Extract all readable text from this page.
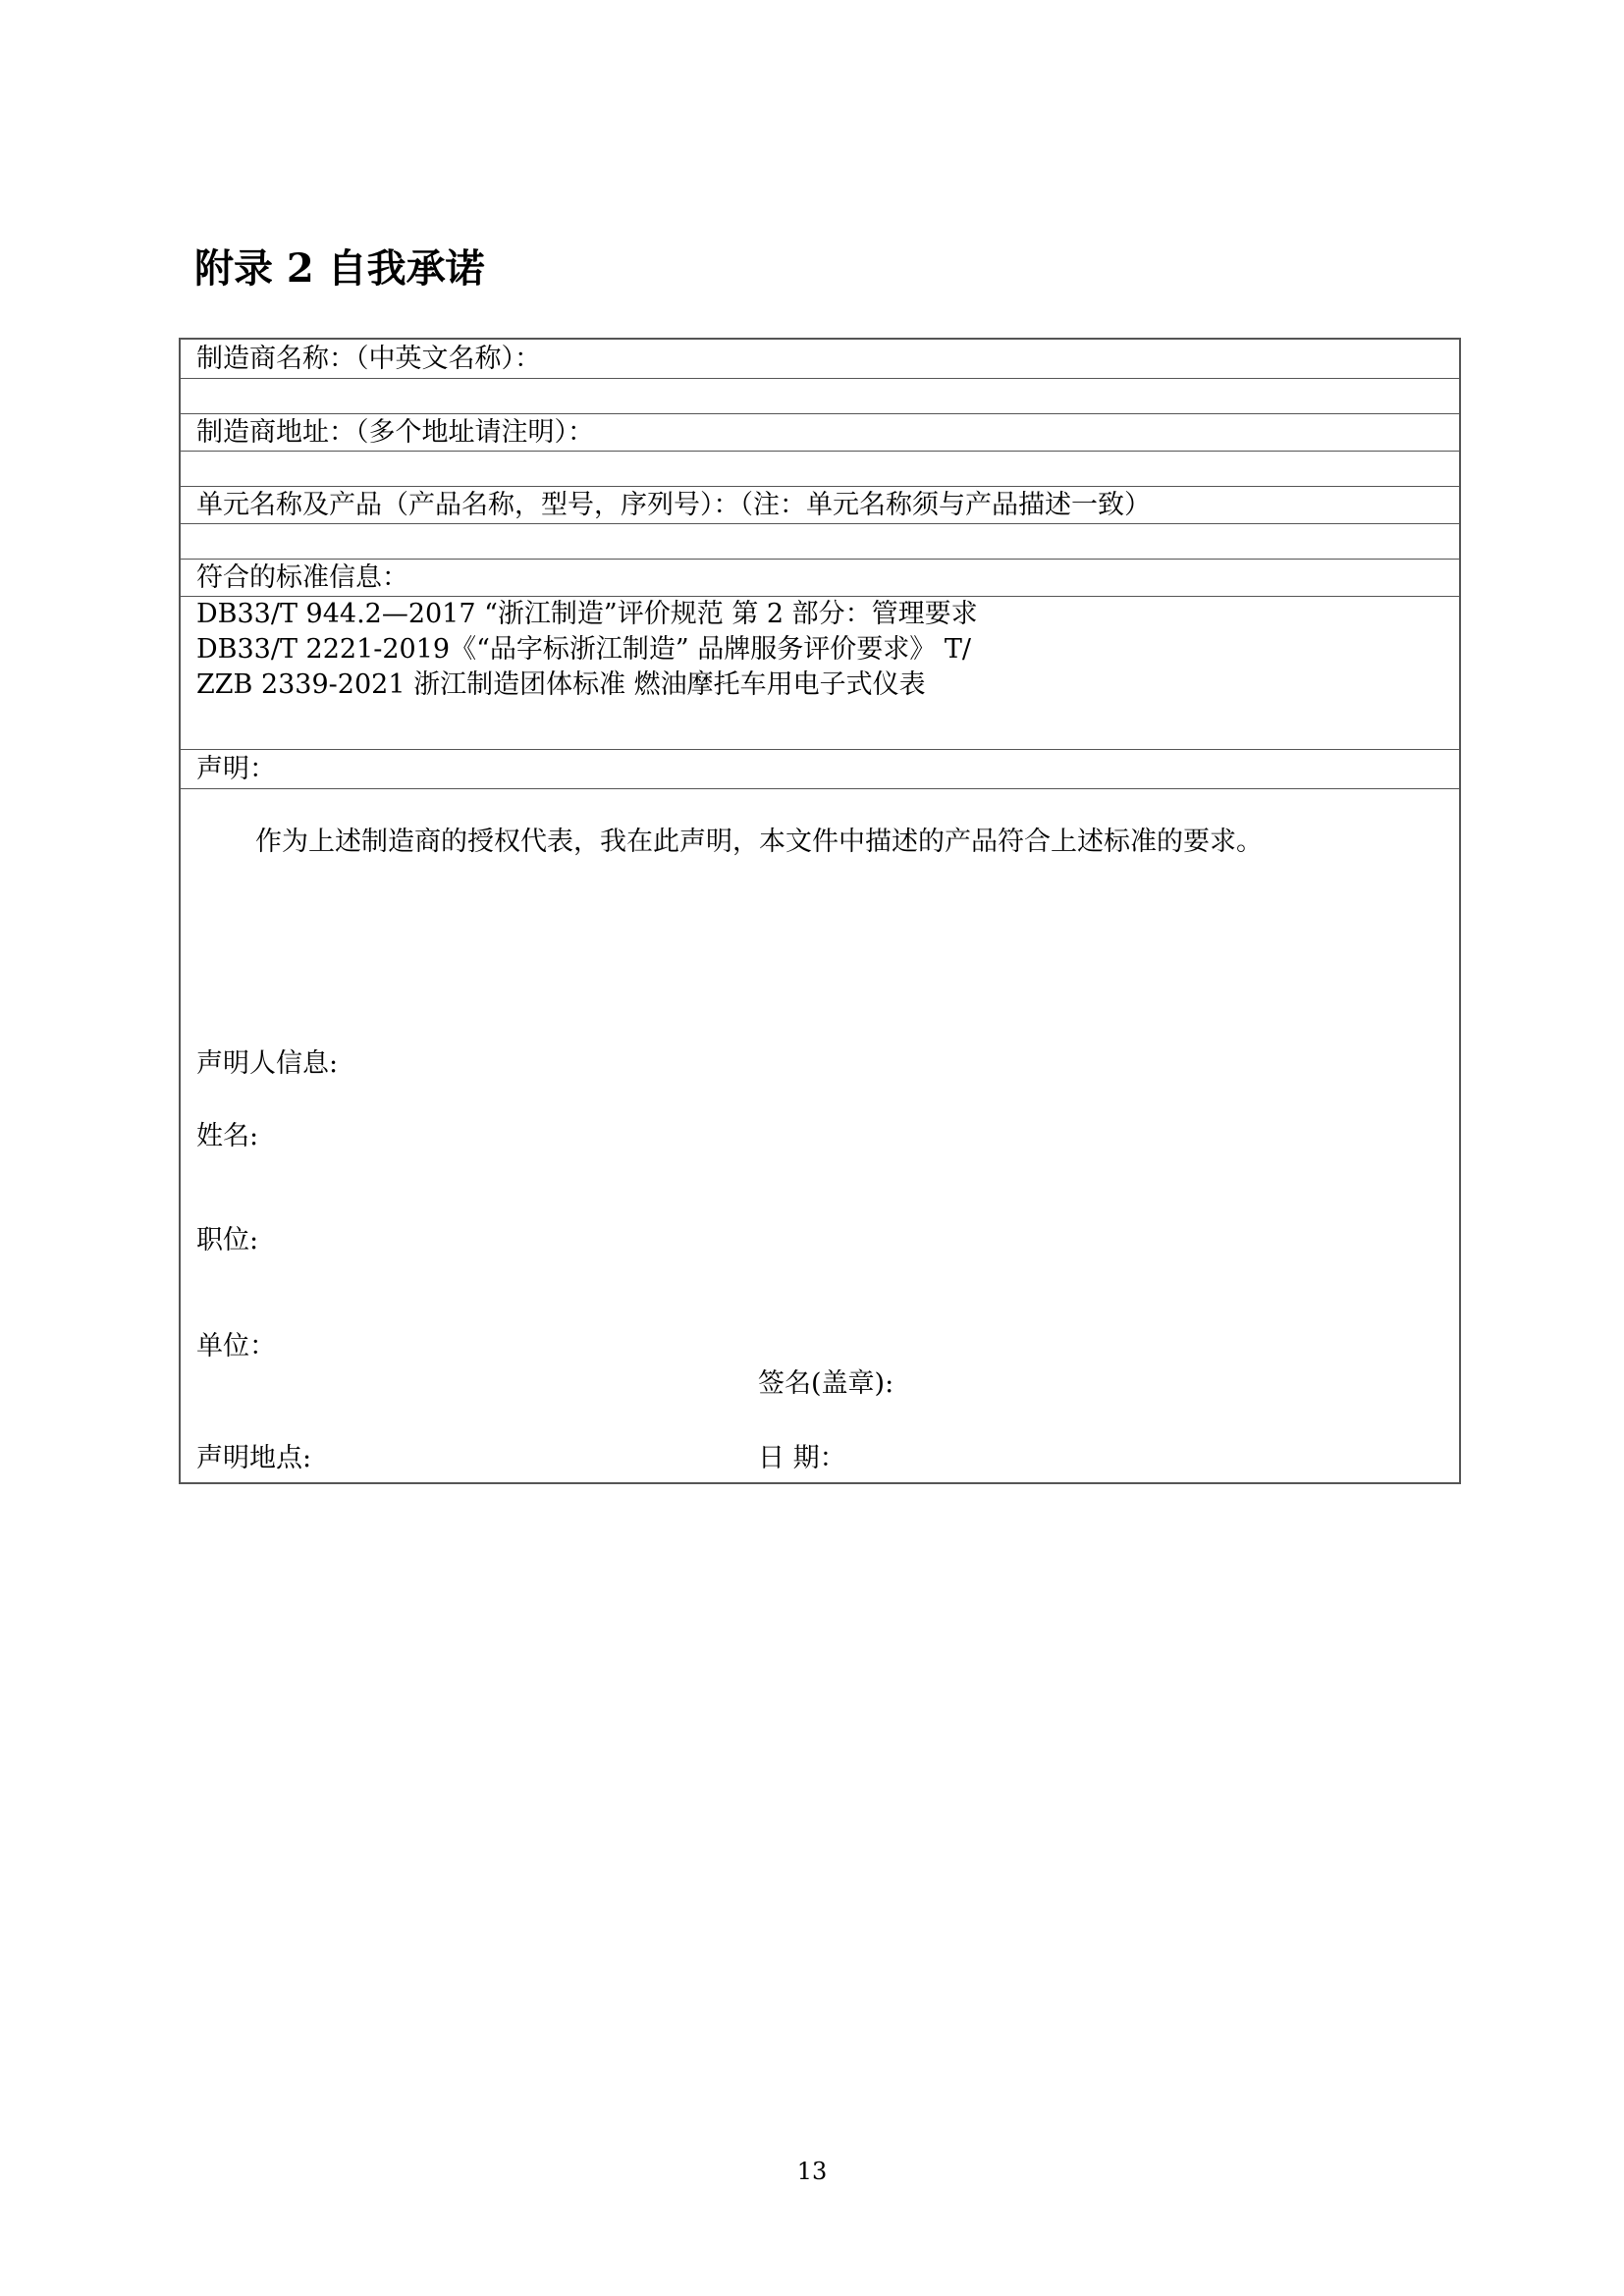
附录 2 自我承诺
制造商名称：（中英文名称）：
制造商地址：（多个地址请注明）：
单元名称及产品（产品名称，型号，序列号）：（注：单元名称须与产品描述一致）
符合的标准信息：
DB33/T 944.2—2017 “浙江制造”评价规范 第 2 部分：管理要求
DB33/T 2221-2019《“品字标浙江制造” 品牌服务评价要求》 T/
ZZB 2339-2021 浙江制造团体标准 燃油摩托车用电子式仪表
声明：
作为上述制造商的授权代表，我在此声明，本文件中描述的产品符合上述标准的要求。
声明人信息:
姓名:
职位:
单位：
签名(盖章):
声明地点:	日 期：
13
